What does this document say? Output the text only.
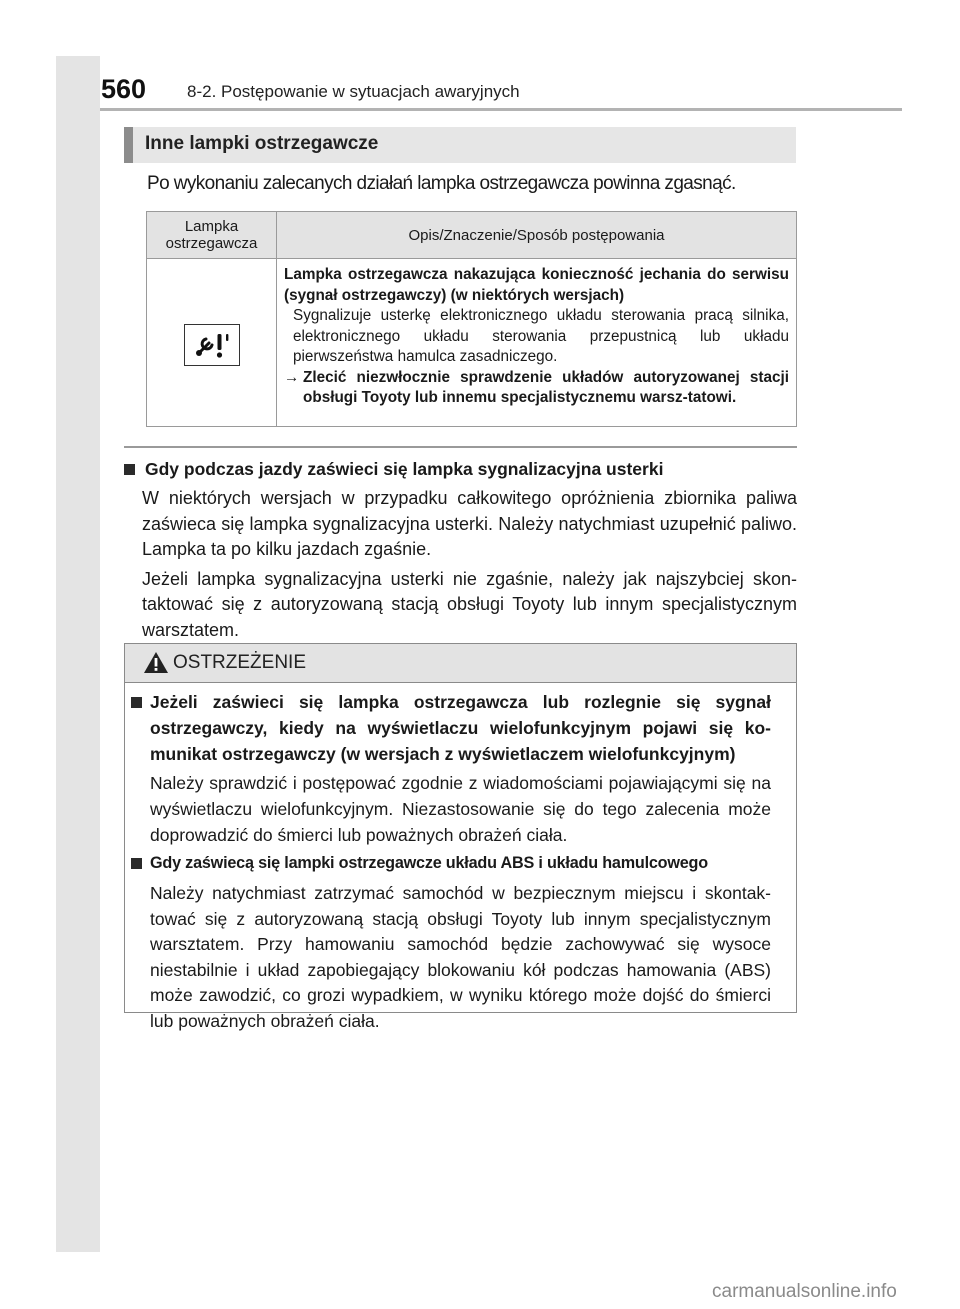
560 8-2. Postępowanie w sytuacjach awaryjnych
Inne lampki ostrzegawcze
Po wykonaniu zalecanych działań lampka ostrzegawcza powinna zgasnąć.
Lampka ostrzegawcza	Opis/Znaczenie/Sposób postępowania

Lampka ostrzegawcza nakazująca konieczność jechania do serwisu (sygnał ostrzegawczy) (w niektórych wersjach)
Sygnalizuje usterkę elektronicznego układu sterowania pracą silnika, elektronicznego układu sterowania przepustnicą lub układu pierwszeństwa hamulca zasadniczego.
→ Zlecić niezwłocznie sprawdzenie układów autoryzowanej stacji obsługi Toyoty lub innemu specjalistycznemu warsz-tatowi.
Gdy podczas jazdy zaświeci się lampka sygnalizacyjna usterki

W niektórych wersjach w przypadku całkowitego opróżnienia zbiornika paliwa zaświeca się lampka sygnalizacyjna usterki. Należy natychmiast uzupełnić paliwo. Lampka ta po kilku jazdach zgaśnie.

Jeżeli lampka sygnalizacyjna usterki nie zgaśnie, należy jak najszybciej skon-taktować się z autoryzowaną stacją obsługi Toyoty lub innym specjalistycznym warsztatem.

OSTRZEŻENIE
Jeżeli zaświeci się lampka ostrzegawcza lub rozlegnie się sygnał ostrzegawczy, kiedy na wyświetlaczu wielofunkcyjnym pojawi się ko-munikat ostrzegawczy (w wersjach z wyświetlaczem wielofunkcyjnym)

Należy sprawdzić i postępować zgodnie z wiadomościami pojawiającymi się na wyświetlaczu wielofunkcyjnym. Niezastosowanie się do tego zalecenia może doprowadzić do śmierci lub poważnych obrażeń ciała.

Gdy zaświecą się lampki ostrzegawcze układu ABS i układu hamulcowego

Należy natychmiast zatrzymać samochód w bezpiecznym miejscu i skontak-tować się z autoryzowaną stacją obsługi Toyoty lub innym specjalistycznym warsztatem. Przy hamowaniu samochód będzie zachowywać się wysoce niestabilnie i układ zapobiegający blokowaniu kół podczas hamowania (ABS) może zawodzić, co grozi wypadkiem, w wyniku którego może dojść do śmierci lub poważnych obrażeń ciała.

carmanualsonline.info
